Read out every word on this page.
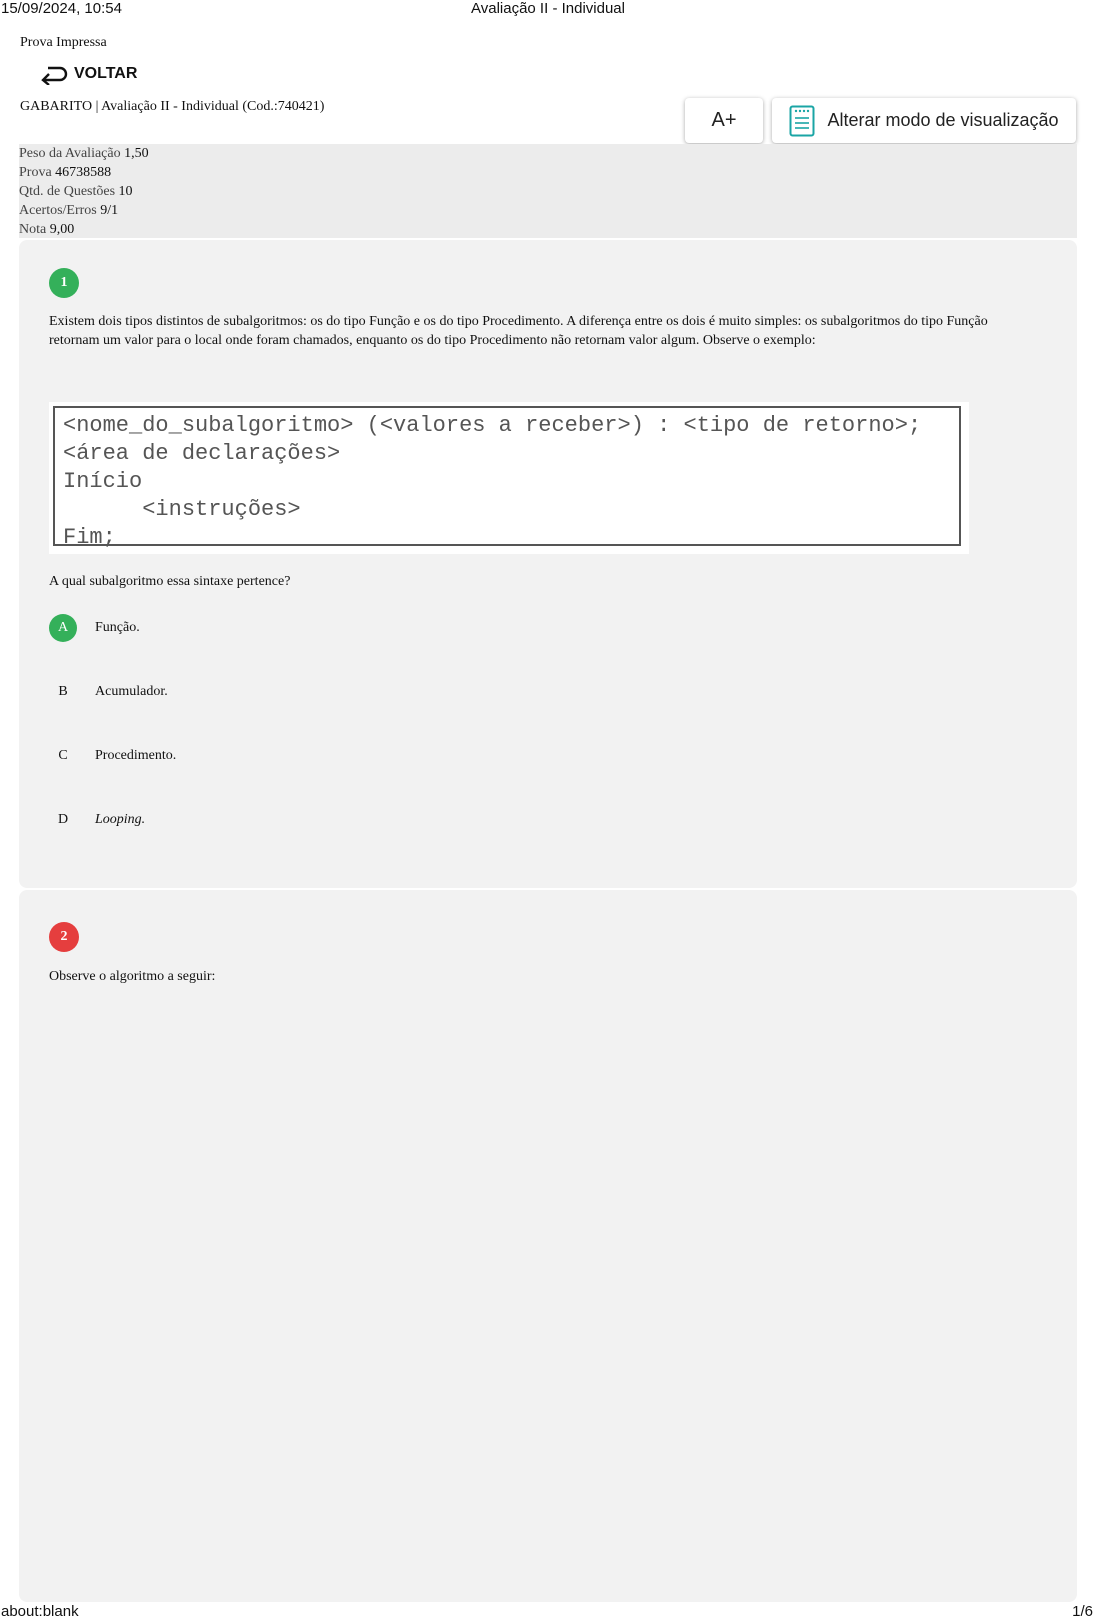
15/09/2024, 10:54	Avaliação II - Individual
Prova Impressa
VOLTAR
GABARITO | Avaliação II - Individual (Cod.:740421)
A+	Alterar modo de visualização
Peso da Avaliação 1,50
Prova 46738588
Qtd. de Questões 10
Acertos/Erros 9/1
Nota 9,00
1
Existem dois tipos distintos de subalgoritmos: os do tipo Função e os do tipo Procedimento. A diferença entre os dois é muito simples: os subalgoritmos do tipo Função retornam um valor para o local onde foram chamados, enquanto os do tipo Procedimento não retornam valor algum. Observe o exemplo:
<nome_do_subalgoritmo> (<valores a receber>) : <tipo de retorno>;
<área de declarações>
Início
<instruções>
Fim;
A qual subalgoritmo essa sintaxe pertence?
A	Função.
B	Acumulador.
C	Procedimento.
D	Looping.
2
Observe o algoritmo a seguir:
about:blank	1/6
